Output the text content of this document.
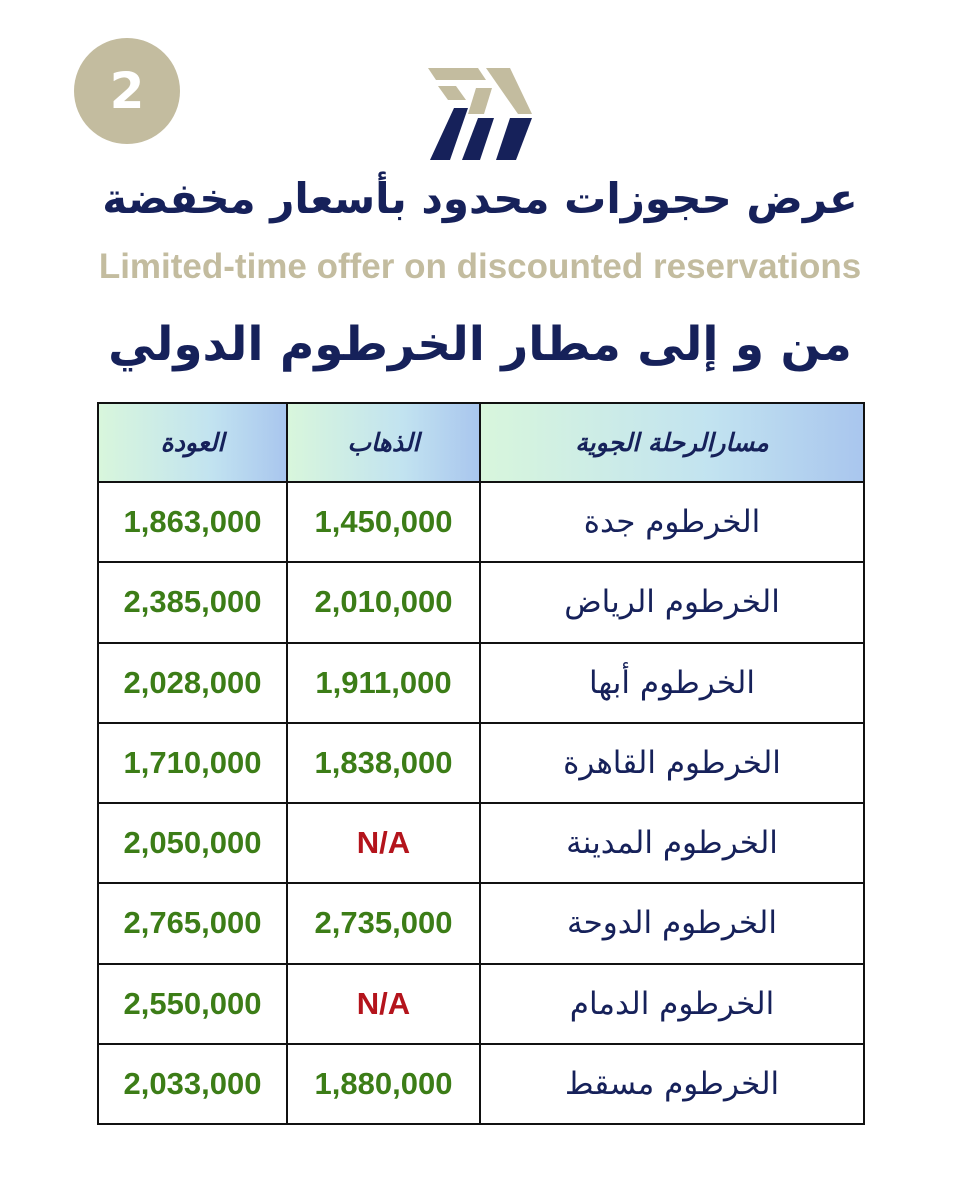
2
عرض حجوزات محدود بأسعار مخفضة
Limited-time offer on discounted reservations
من و إلى مطار الخرطوم الدولي
العودة	الذهاب	مسارالرحلة الجوية
1,863,000	1,450,000	الخرطوم جدة
2,385,000	2,010,000	الخرطوم الرياض
2,028,000	1,911,000	الخرطوم أبها
1,710,000	1,838,000	الخرطوم القاهرة
2,050,000	N/A	الخرطوم المدينة
2,765,000	2,735,000	الخرطوم الدوحة
2,550,000	N/A	الخرطوم الدمام
2,033,000	1,880,000	الخرطوم مسقط
